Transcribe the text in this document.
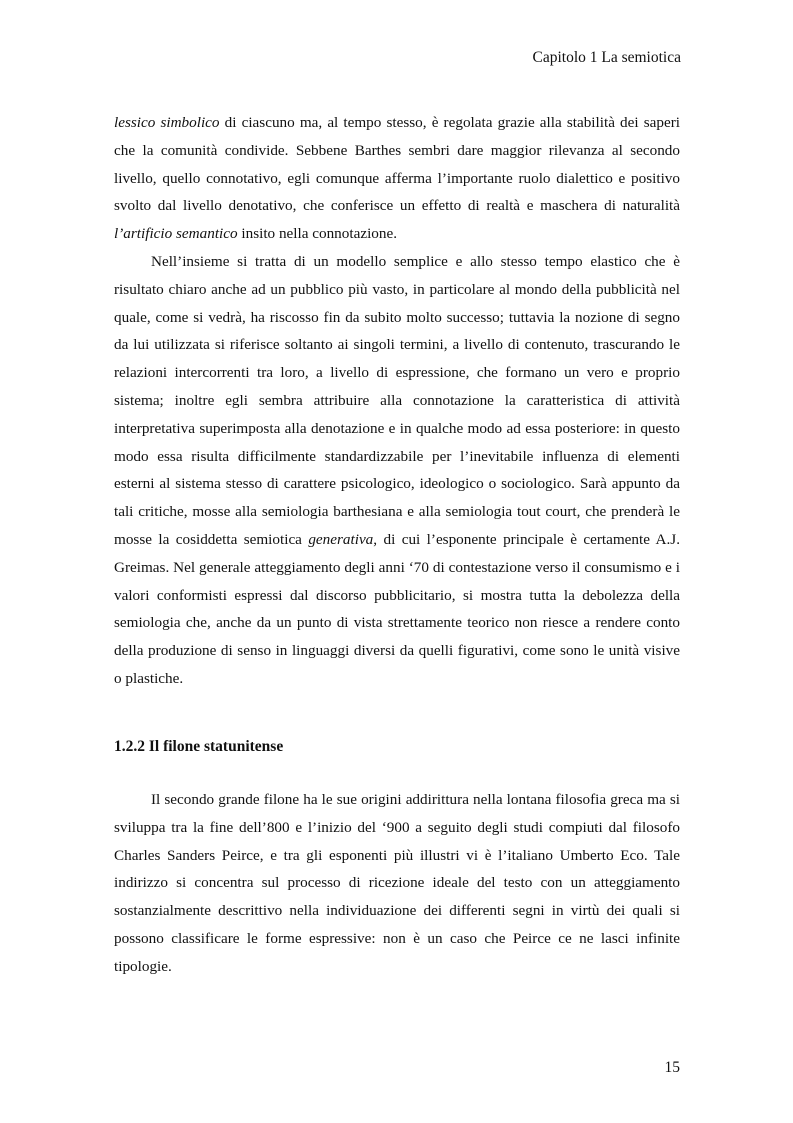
Capitolo 1 La semiotica

lessico simbolico di ciascuno ma, al tempo stesso, è regolata grazie alla stabilità dei saperi che la comunità condivide. Sebbene Barthes sembri dare maggior rilevanza al secondo livello, quello connotativo, egli comunque afferma l’importante ruolo dialettico e positivo svolto dal livello denotativo, che conferisce un effetto di realtà e maschera di naturalità l’artificio semantico insito nella connotazione.

Nell’insieme si tratta di un modello semplice e allo stesso tempo elastico che è risultato chiaro anche ad un pubblico più vasto, in particolare al mondo della pubblicità nel quale, come si vedrà, ha riscosso fin da subito molto successo; tuttavia la nozione di segno da lui utilizzata si riferisce soltanto ai singoli termini, a livello di contenuto, trascurando le relazioni intercorrenti tra loro, a livello di espressione, che formano un vero e proprio sistema; inoltre egli sembra attribuire alla connotazione la caratteristica di attività interpretativa superimposta alla denotazione e in qualche modo ad essa posteriore: in questo modo essa risulta difficilmente standardizzabile per l’inevitabile influenza di elementi esterni al sistema stesso di carattere psicologico, ideologico o sociologico. Sarà appunto da tali critiche, mosse alla semiologia barthesiana e alla semiologia tout court, che prenderà le mosse la cosiddetta semiotica generativa, di cui l’esponente principale è certamente A.J. Greimas. Nel generale atteggiamento degli anni ‘70 di contestazione verso il consumismo e i valori conformisti espressi dal discorso pubblicitario, si mostra tutta la debolezza della semiologia che, anche da un punto di vista strettamente teorico non riesce a rendere conto della produzione di senso in linguaggi diversi da quelli figurativi, come sono le unità visive o plastiche.

1.2.2 Il filone statunitense

Il secondo grande filone ha le sue origini addirittura nella lontana filosofia greca ma si sviluppa tra la fine dell’800 e l’inizio del ‘900 a seguito degli studi compiuti dal filosofo Charles Sanders Peirce, e tra gli esponenti più illustri vi è l’italiano Umberto Eco. Tale indirizzo si concentra sul processo di ricezione ideale del testo con un atteggiamento sostanzialmente descrittivo nella individuazione dei differenti segni in virtù dei quali si possono classificare le forme espressive: non è un caso che Peirce ce ne lasci infinite tipologie.

15
